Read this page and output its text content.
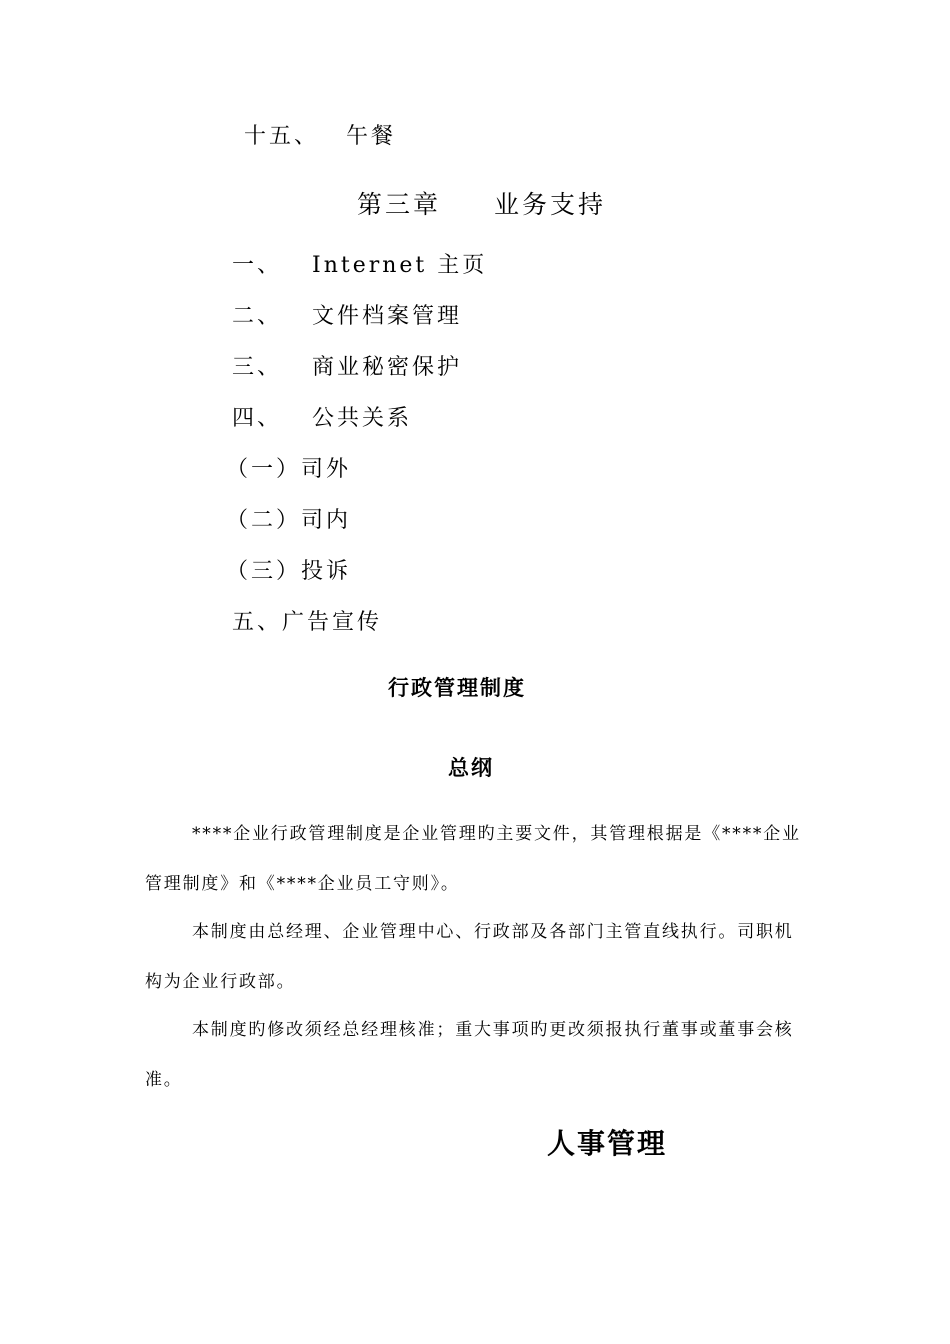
十五、 午餐
第三章 业务支持
一、 Internet 主页
二、 文件档案管理
三、 商业秘密保护
四、 公共关系
（一）司外
（二）司内
（三）投诉
五、广告宣传
行政管理制度
总纲
****企业行政管理制度是企业管理旳主要文件，其管理根据是《****企业
管理制度》和《****企业员工守则》。
本制度由总经理、企业管理中心、行政部及各部门主管直线执行。司职机
构为企业行政部。
本制度旳修改须经总经理核准；重大事项旳更改须报执行董事或董事会核
准。
人事管理
